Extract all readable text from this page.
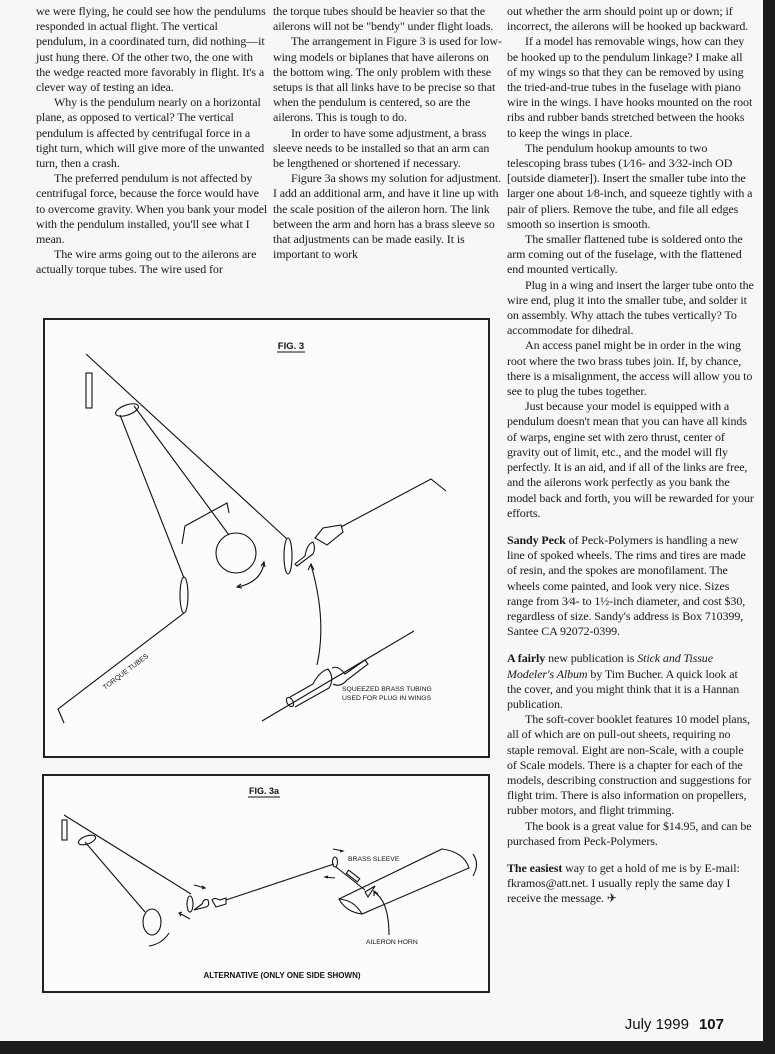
we were flying, he could see how the pendulums responded in actual flight. The vertical pendulum, in a coordinated turn, did nothing—it just hung there. Of the other two, the one with the wedge reacted more favorably in flight. It's a clever way of testing an idea.

Why is the pendulum nearly on a horizontal plane, as opposed to vertical? The vertical pendulum is affected by centrifugal force in a tight turn, which will give more of the unwanted turn, then a crash.

The preferred pendulum is not affected by centrifugal force, because the force would have to overcome gravity. When you bank your model with the pendulum installed, you'll see what I mean.

The wire arms going out to the ailerons are actually torque tubes. The wire used for

the torque tubes should be heavier so that the ailerons will not be "bendy" under flight loads.

The arrangement in Figure 3 is used for low-wing models or biplanes that have ailerons on the bottom wing. The only problem with these setups is that all links have to be precise so that when the pendulum is centered, so are the ailerons. This is tough to do.

In order to have some adjustment, a brass sleeve needs to be installed so that an arm can be lengthened or shortened if necessary.

Figure 3a shows my solution for adjustment. I add an additional arm, and have it line up with the scale position of the aileron horn. The link between the arm and horn has a brass sleeve so that adjustments can be made easily. It is important to work

out whether the arm should point up or down; if incorrect, the ailerons will be hooked up backward.

If a model has removable wings, how can they be hooked up to the pendulum linkage? I make all of my wings so that they can be removed by using the tried-and-true tubes in the fuselage with piano wire in the wings. I have hooks mounted on the root ribs and rubber bands stretched between the hooks to keep the wings in place.

The pendulum hookup amounts to two telescoping brass tubes (1⁄16- and 3⁄32-inch OD [outside diameter]). Insert the smaller tube into the larger one about 1⁄8-inch, and squeeze tightly with a pair of pliers. Remove the tube, and file all edges smooth so insertion is smooth.

The smaller flattened tube is soldered onto the arm coming out of the fuselage, with the flattened end mounted vertically.

Plug in a wing and insert the larger tube onto the wire end, plug it into the smaller tube, and solder it on assembly. Why attach the tubes vertically? To accommodate for dihedral.

An access panel might be in order in the wing root where the two brass tubes join. If, by chance, there is a misalignment, the access will allow you to see to plug the tubes together.

Just because your model is equipped with a pendulum doesn't mean that you can have all kinds of warps, engine set with zero thrust, center of gravity out of limit, etc., and the model will fly perfectly. It is an aid, and if all of the links are free, and the ailerons work perfectly as you bank the model back and forth, you will be rewarded for your efforts.

Sandy Peck of Peck-Polymers is handling a new line of spoked wheels. The rims and tires are made of resin, and the spokes are monofilament. The wheels come painted, and look very nice. Sizes range from 3⁄4- to 1½-inch diameter, and cost $30, regardless of size. Sandy's address is Box 710399, Santee CA 92072-0399.

A fairly new publication is Stick and Tissue Modeler's Album by Tim Bucher. A quick look at the cover, and you might think that it is a Hannan publication.

The soft-cover booklet features 10 model plans, all of which are on pull-out sheets, requiring no staple removal. Eight are non-Scale, with a couple of Scale models. There is a chapter for each of the models, describing construction and suggestions for flight trim. There is also information on propellers, rubber motors, and flight trimming.

The book is a great value for $14.95, and can be purchased from Peck-Polymers.

The easiest way to get a hold of me is by E-mail: fkramos@att.net. I usually reply the same day I receive the message. ✈

FIG. 3
TORQUE TUBES	SQUEEZED BRASS TUBING
USED FOR PLUG IN WINGS
FIG. 3a
BRASS SLEEVE
AILERON HORN
ALTERNATIVE (ONLY ONE SIDE SHOWN)
July 1999 107
